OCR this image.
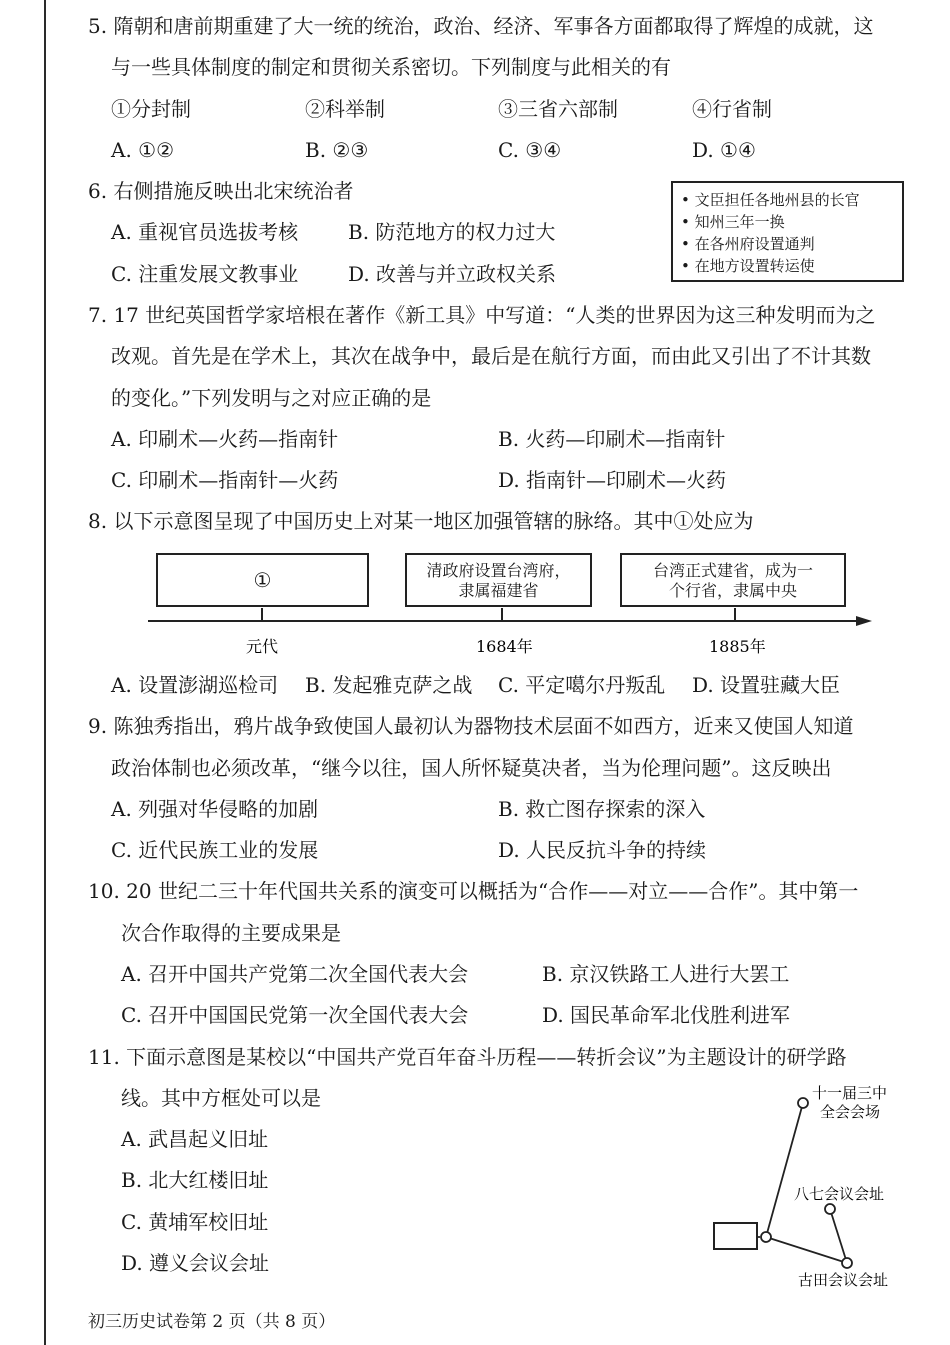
5. 隋朝和唐前期重建了大一统的统治，政治、经济、军事各方面都取得了辉煌的成就，这
与一些具体制度的制定和贯彻关系密切。下列制度与此相关的有
①分封制	②科举制	③三省六部制	④行省制
A. ①②	B. ②③	C. ③④	D. ①④
6. 右侧措施反映出北宋统治者
A. 重视官员选拔考核 B. 防范地方的权力过大
C. 注重发展文教事业 D. 改善与并立政权关系
• 文臣担任各地州县的长官
• 知州三年一换
• 在各州府设置通判
• 在地方设置转运使
7. 17 世纪英国哲学家培根在著作《新工具》中写道：“人类的世界因为这三种发明而为之
改观。首先是在学术上，其次在战争中，最后是在航行方面，而由此又引出了不计其数
的变化。”下列发明与之对应正确的是
A. 印刷术—火药—指南针	B. 火药—印刷术—指南针
C. 印刷术—指南针—火药	D. 指南针—印刷术—火药
8. 以下示意图呈现了中国历史上对某一地区加强管辖的脉络。其中①处应为
①	清政府设置台湾府，
隶属福建省
台湾正式建省，成为一
个行省，隶属中央
元代	1684年	1885年
A. 设置澎湖巡检司 B. 发起雅克萨之战 C. 平定噶尔丹叛乱 D. 设置驻藏大臣
9. 陈独秀指出，鸦片战争致使国人最初认为器物技术层面不如西方，近来又使国人知道
政治体制也必须改革，“继今以往，国人所怀疑莫决者，当为伦理问题”。这反映出
A. 列强对华侵略的加剧	B. 救亡图存探索的深入
C. 近代民族工业的发展	D. 人民反抗斗争的持续
10. 20 世纪二三十年代国共关系的演变可以概括为“合作——对立——合作”。其中第一
次合作取得的主要成果是
A. 召开中国共产党第二次全国代表大会	B. 京汉铁路工人进行大罢工
C. 召开中国国民党第一次全国代表大会	D. 国民革命军北伐胜利进军
11. 下面示意图是某校以“中国共产党百年奋斗历程——转折会议”为主题设计的研学路
线。其中方框处可以是
A. 武昌起义旧址
B. 北大红楼旧址
C. 黄埔军校旧址
D. 遵义会议会址
十一届三中
全会会场
八七会议会址
古田会议会址
初三历史试卷第 2 页（共 8 页）
